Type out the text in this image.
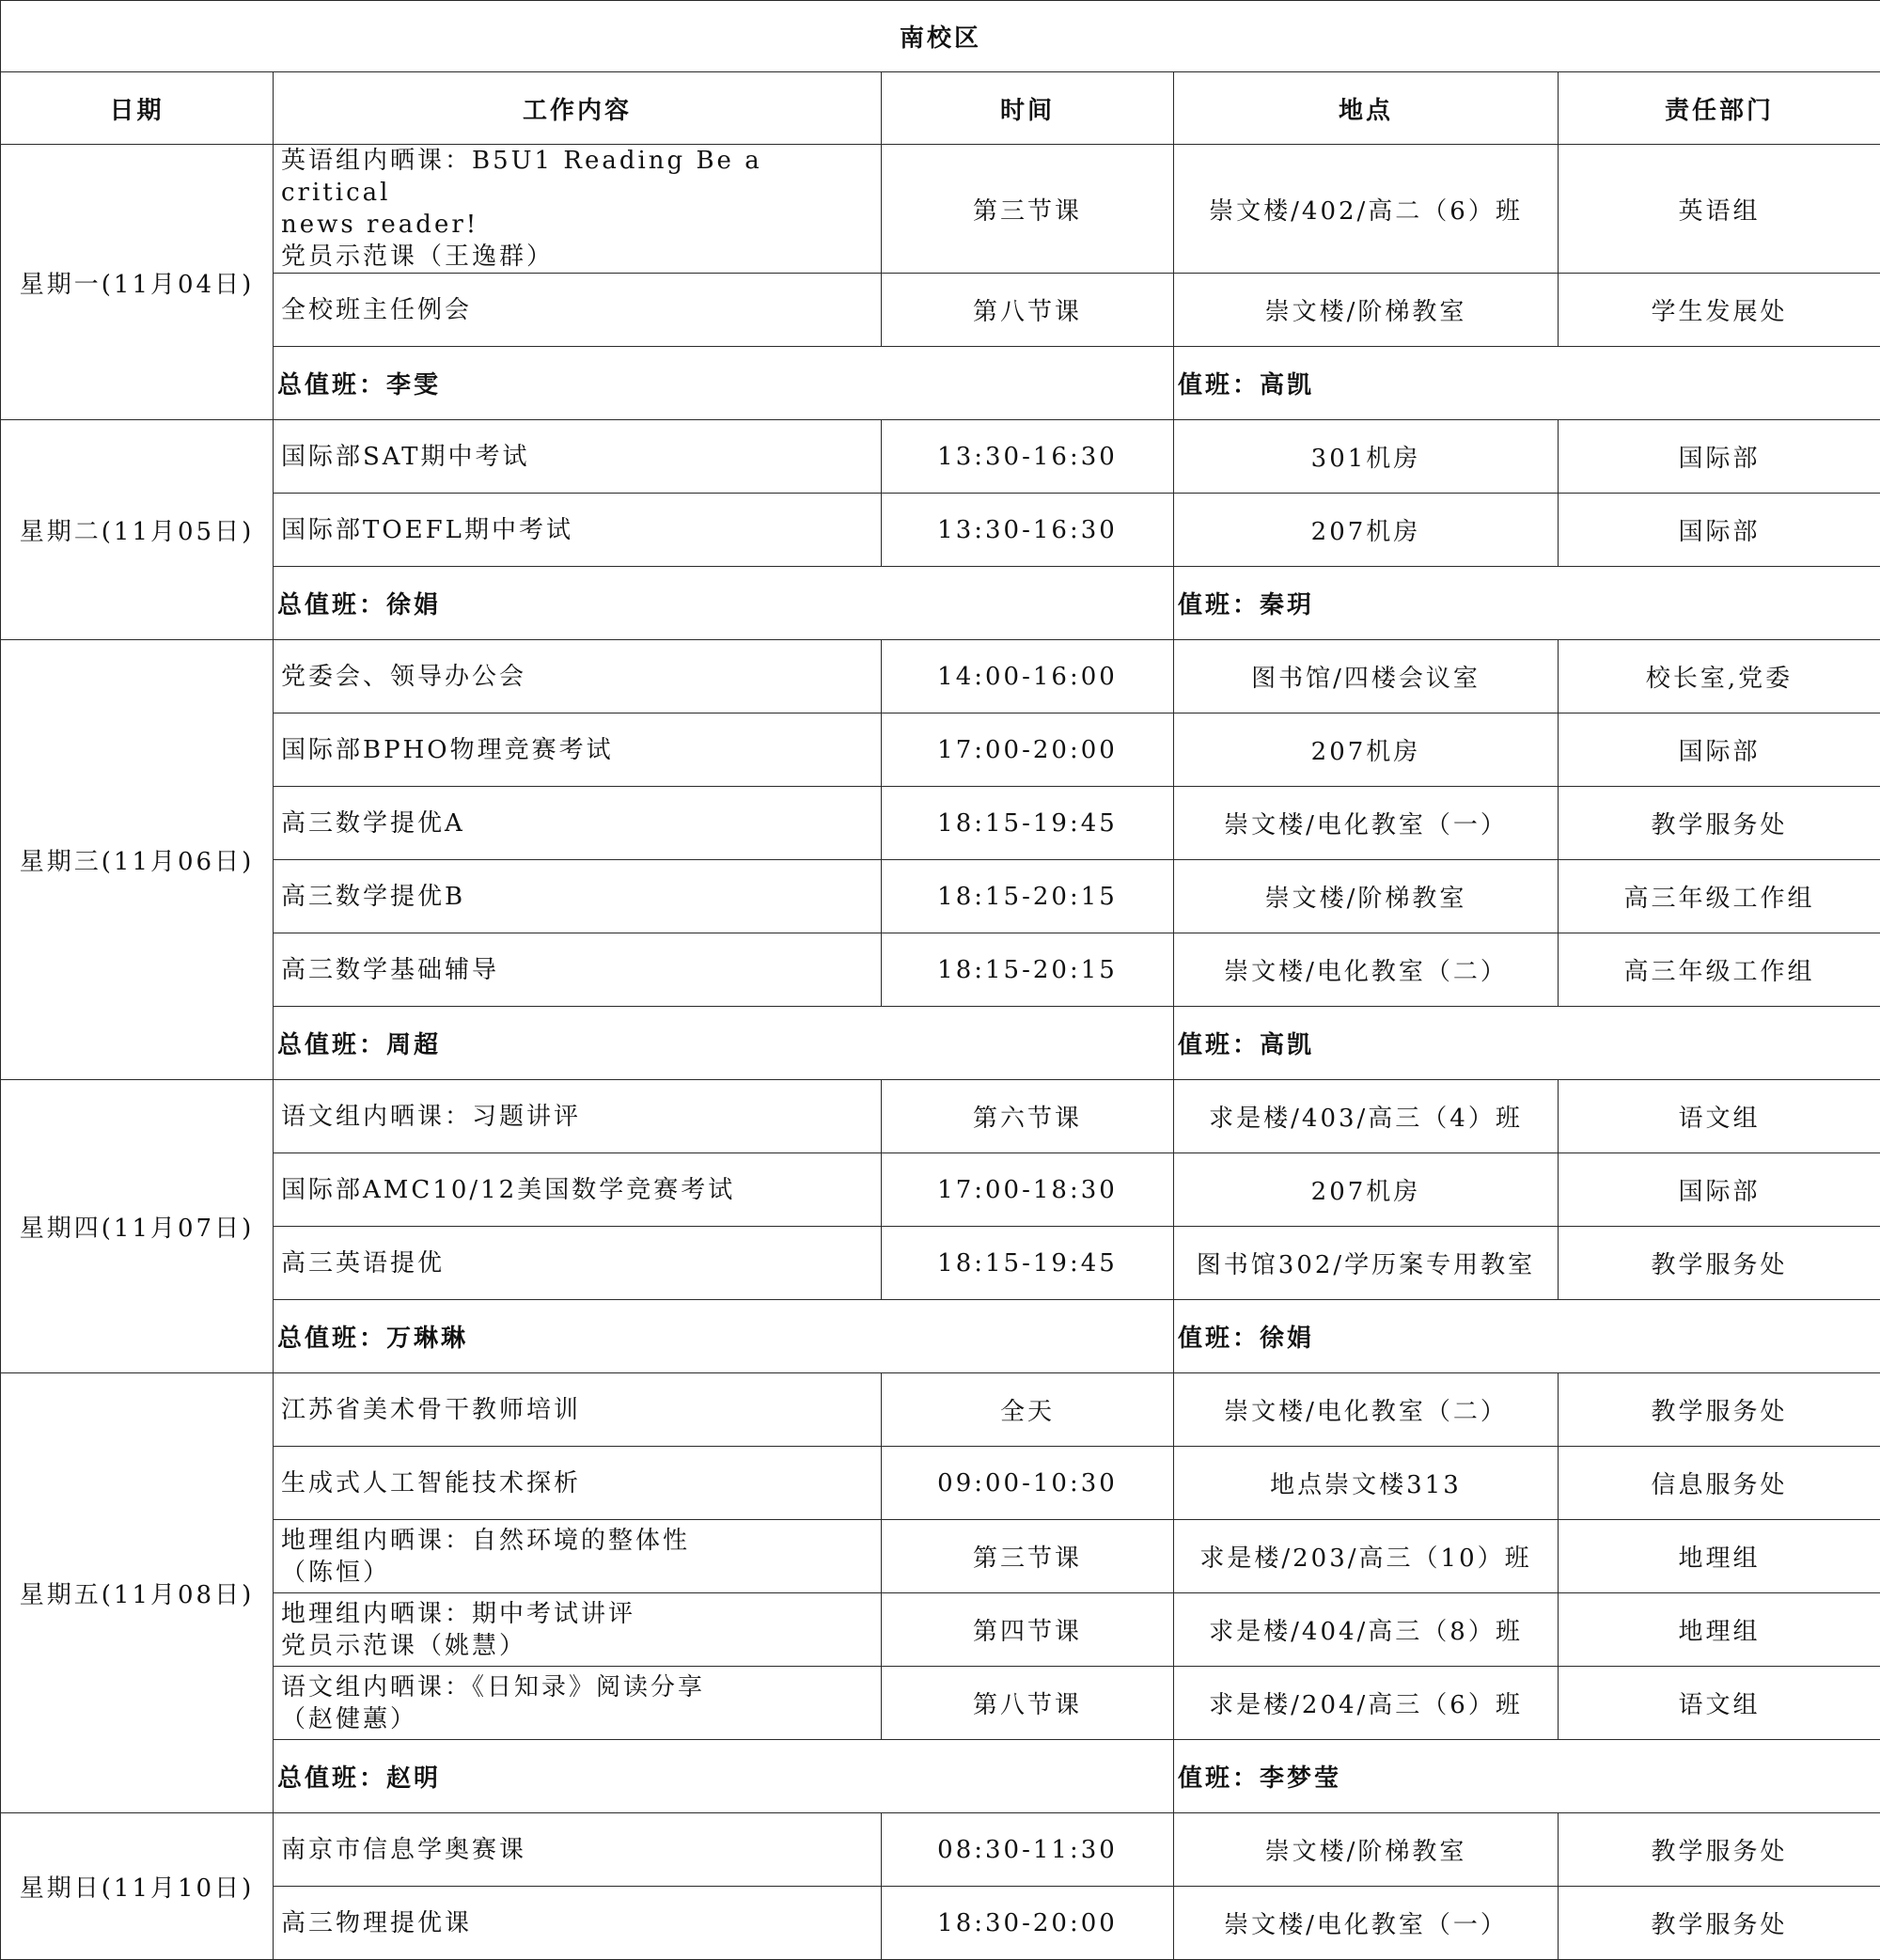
南校区				
日期	工作内容	时间	地点	责任部门
星期一(11月04日)	英语组内晒课：B5U1 Reading Be a critical
news reader!
党员示范课（王逸群）	第三节课	崇文楼/402/高二（6）班	英语组
	全校班主任例会	第八节课	崇文楼/阶梯教室	学生发展处
	总值班：李雯		值班：高凯	
星期二(11月05日)	国际部SAT期中考试	13:30-16:30	301机房	国际部
	国际部TOEFL期中考试	13:30-16:30	207机房	国际部
	总值班：徐娟		值班：秦玥	
星期三(11月06日)	党委会、领导办公会	14:00-16:00	图书馆/四楼会议室	校长室,党委
	国际部BPHO物理竞赛考试	17:00-20:00	207机房	国际部
	高三数学提优A	18:15-19:45	崇文楼/电化教室（一）	教学服务处
	高三数学提优B	18:15-20:15	崇文楼/阶梯教室	高三年级工作组
	高三数学基础辅导	18:15-20:15	崇文楼/电化教室（二）	高三年级工作组
	总值班：周超		值班：高凯	
星期四(11月07日)	语文组内晒课：习题讲评	第六节课	求是楼/403/高三（4）班	语文组
	国际部AMC10/12美国数学竞赛考试	17:00-18:30	207机房	国际部
	高三英语提优	18:15-19:45	图书馆302/学历案专用教室	教学服务处
	总值班：万琳琳		值班：徐娟	
星期五(11月08日)	江苏省美术骨干教师培训	全天	崇文楼/电化教室（二）	教学服务处
	生成式人工智能技术探析	09:00-10:30	地点崇文楼313	信息服务处
	地理组内晒课：自然环境的整体性
（陈恒）	第三节课	求是楼/203/高三（10）班	地理组
	地理组内晒课：期中考试讲评
党员示范课（姚慧）	第四节课	求是楼/404/高三（8）班	地理组
	语文组内晒课：《日知录》阅读分享
（赵健蕙）	第八节课	求是楼/204/高三（6）班	语文组
	总值班：赵明		值班：李梦莹	
星期日(11月10日)	南京市信息学奥赛课	08:30-11:30	崇文楼/阶梯教室	教学服务处
	高三物理提优课	18:30-20:00	崇文楼/电化教室（一）	教学服务处
